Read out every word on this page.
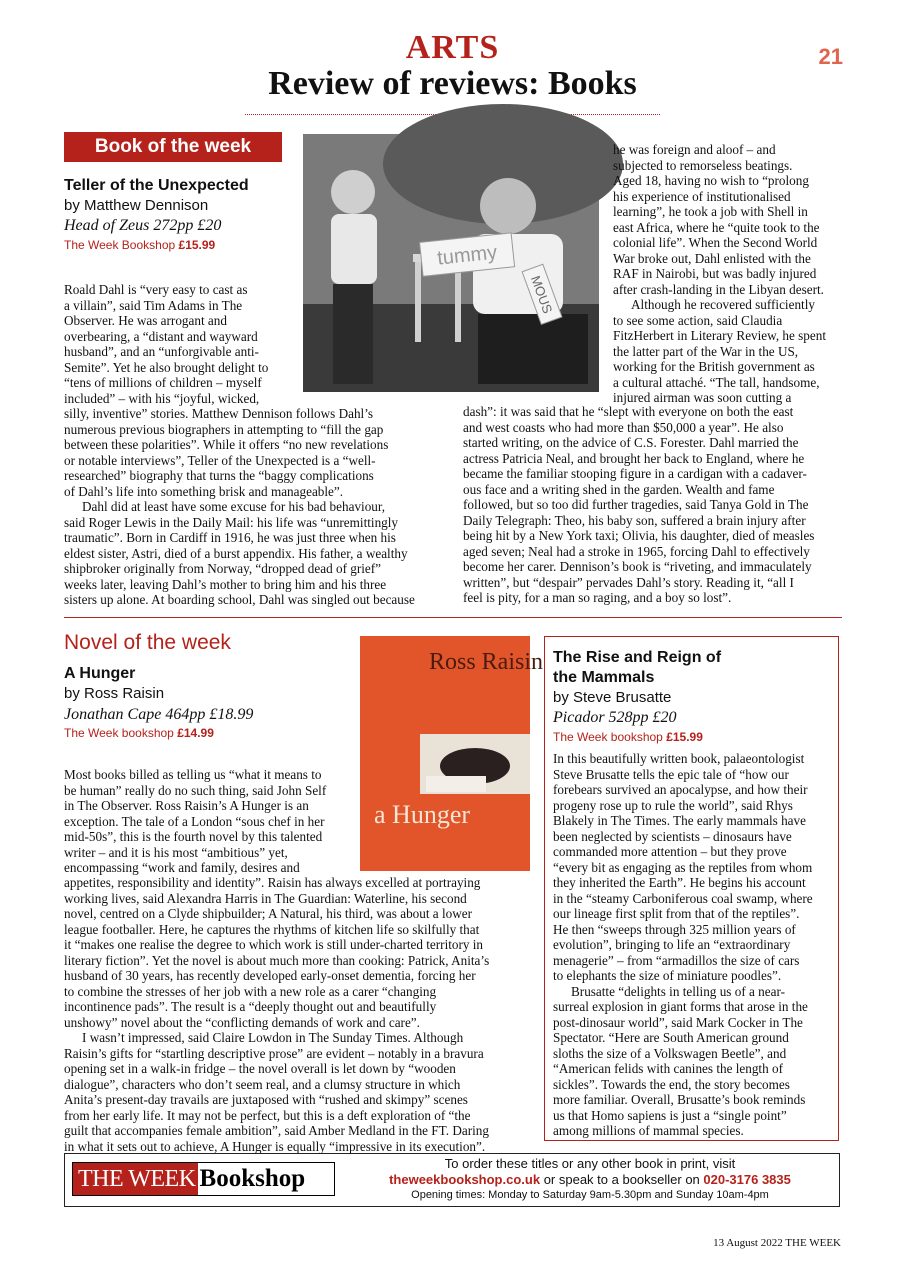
ARTS
Review of reviews: Books
21
Book of the week
Teller of the Unexpected
by Matthew Dennison
Head of Zeus 272pp £20
The Week Bookshop £15.99	tummy
MOUS
Roald Dahl is “very easy to cast as
a villain”, said Tim Adams in The
Observer. He was arrogant and
overbearing, a “distant and wayward
husband”, and an “unforgivable anti-
Semite”. Yet he also brought delight to
“tens of millions of children – myself
included” – with his “joyful, wicked,
silly, inventive” stories. Matthew Dennison follows Dahl’s
numerous previous biographers in attempting to “fill the gap
between these polarities”. While it offers “no new revelations
or notable interviews”, Teller of the Unexpected is a “well-
researched” biography that turns the “baggy complications
of Dahl’s life into something brisk and manageable”.
Dahl did at least have some excuse for his bad behaviour,
said Roger Lewis in the Daily Mail: his life was “unremittingly
traumatic”. Born in Cardiff in 1916, he was just three when his
eldest sister, Astri, died of a burst appendix. His father, a wealthy
shipbroker originally from Norway, “dropped dead of grief”
weeks later, leaving Dahl’s mother to bring him and his three
sisters up alone. At boarding school, Dahl was singled out because
he was foreign and aloof – and
subjected to remorseless beatings.
Aged 18, having no wish to “prolong
his experience of institutionalised
learning”, he took a job with Shell in
east Africa, where he “quite took to the
colonial life”. When the Second World
War broke out, Dahl enlisted with the
RAF in Nairobi, but was badly injured
after crash-landing in the Libyan desert.
Although he recovered sufficiently
to see some action, said Claudia
FitzHerbert in Literary Review, he spent
the latter part of the War in the US,
working for the British government as
a cultural attaché. “The tall, handsome,
injured airman was soon cutting a
dash”: it was said that he “slept with everyone on both the east
and west coasts who had more than $50,000 a year”. He also
started writing, on the advice of C.S. Forester. Dahl married the
actress Patricia Neal, and brought her back to England, where he
became the familiar stooping figure in a cardigan with a cadaver-
ous face and a writing shed in the garden. Wealth and fame
followed, but so too did further tragedies, said Tanya Gold in The
Daily Telegraph: Theo, his baby son, suffered a brain injury after
being hit by a New York taxi; Olivia, his daughter, died of measles
aged seven; Neal had a stroke in 1965, forcing Dahl to effectively
become her carer. Dennison’s book is “riveting, and immaculately
written”, but “despair” pervades Dahl’s story. Reading it, “all I
feel is pity, for a man so raging, and a boy so lost”.
Novel of the week
A Hunger
by Ross Raisin
Jonathan Cape 464pp £18.99
The Week bookshop £14.99
Ross Raisin
a Hunger
Most books billed as telling us “what it means to
be human” really do no such thing, said John Self
in The Observer. Ross Raisin’s A Hunger is an
exception. The tale of a London “sous chef in her
mid-50s”, this is the fourth novel by this talented
writer – and it is his most “ambitious” yet,
encompassing “work and family, desires and
appetites, responsibility and identity”. Raisin has always excelled at portraying
working lives, said Alexandra Harris in The Guardian: Waterline, his second
novel, centred on a Clyde shipbuilder; A Natural, his third, was about a lower
league footballer. Here, he captures the rhythms of kitchen life so skilfully that
it “makes one realise the degree to which work is still under-charted territory in
literary fiction”. Yet the novel is about much more than cooking: Patrick, Anita’s
husband of 30 years, has recently developed early-onset dementia, forcing her
to combine the stresses of her job with a new role as a carer “changing
incontinence pads”. The result is a “deeply thought out and beautifully
unshowy” novel about the “conflicting demands of work and care”.
I wasn’t impressed, said Claire Lowdon in The Sunday Times. Although
Raisin’s gifts for “startling descriptive prose” are evident – notably in a bravura
opening set in a walk-in fridge – the novel overall is let down by “wooden
dialogue”, characters who don’t seem real, and a clumsy structure in which
Anita’s present-day travails are juxtaposed with “rushed and skimpy” scenes
from her early life. It may not be perfect, but this is a deft exploration of “the
guilt that accompanies female ambition”, said Amber Medland in the FT. Daring
in what it sets out to achieve, A Hunger is equally “impressive in its execution”.
The Rise and Reign of
the Mammals
by Steve Brusatte
Picador 528pp £20
The Week bookshop £15.99
In this beautifully written book, palaeontologist
Steve Brusatte tells the epic tale of “how our
forebears survived an apocalypse, and how their
progeny rose up to rule the world”, said Rhys
Blakely in The Times. The early mammals have
been neglected by scientists – dinosaurs have
commanded more attention – but they prove
“every bit as engaging as the reptiles from whom
they inherited the Earth”. He begins his account
in the “steamy Carboniferous coal swamp, where
our lineage first split from that of the reptiles”.
He then “sweeps through 325 million years of
evolution”, bringing to life an “extraordinary
menagerie” – from “armadillos the size of cars
to elephants the size of miniature poodles”.
Brusatte “delights in telling us of a near-
surreal explosion in giant forms that arose in the
post-dinosaur world”, said Mark Cocker in The
Spectator. “Here are South American ground
sloths the size of a Volkswagen Beetle”, and
“American felids with canines the length of
sickles”. Towards the end, the story becomes
more familiar. Overall, Brusatte’s book reminds
us that Homo sapiens is just a “single point”
among millions of mammal species.
THE WEEK Bookshop
To order these titles or any other book in print, visit
theweekbookshop.co.uk or speak to a bookseller on 020-3176 3835
Opening times: Monday to Saturday 9am-5.30pm and Sunday 10am-4pm
13 August 2022 THE WEEK
